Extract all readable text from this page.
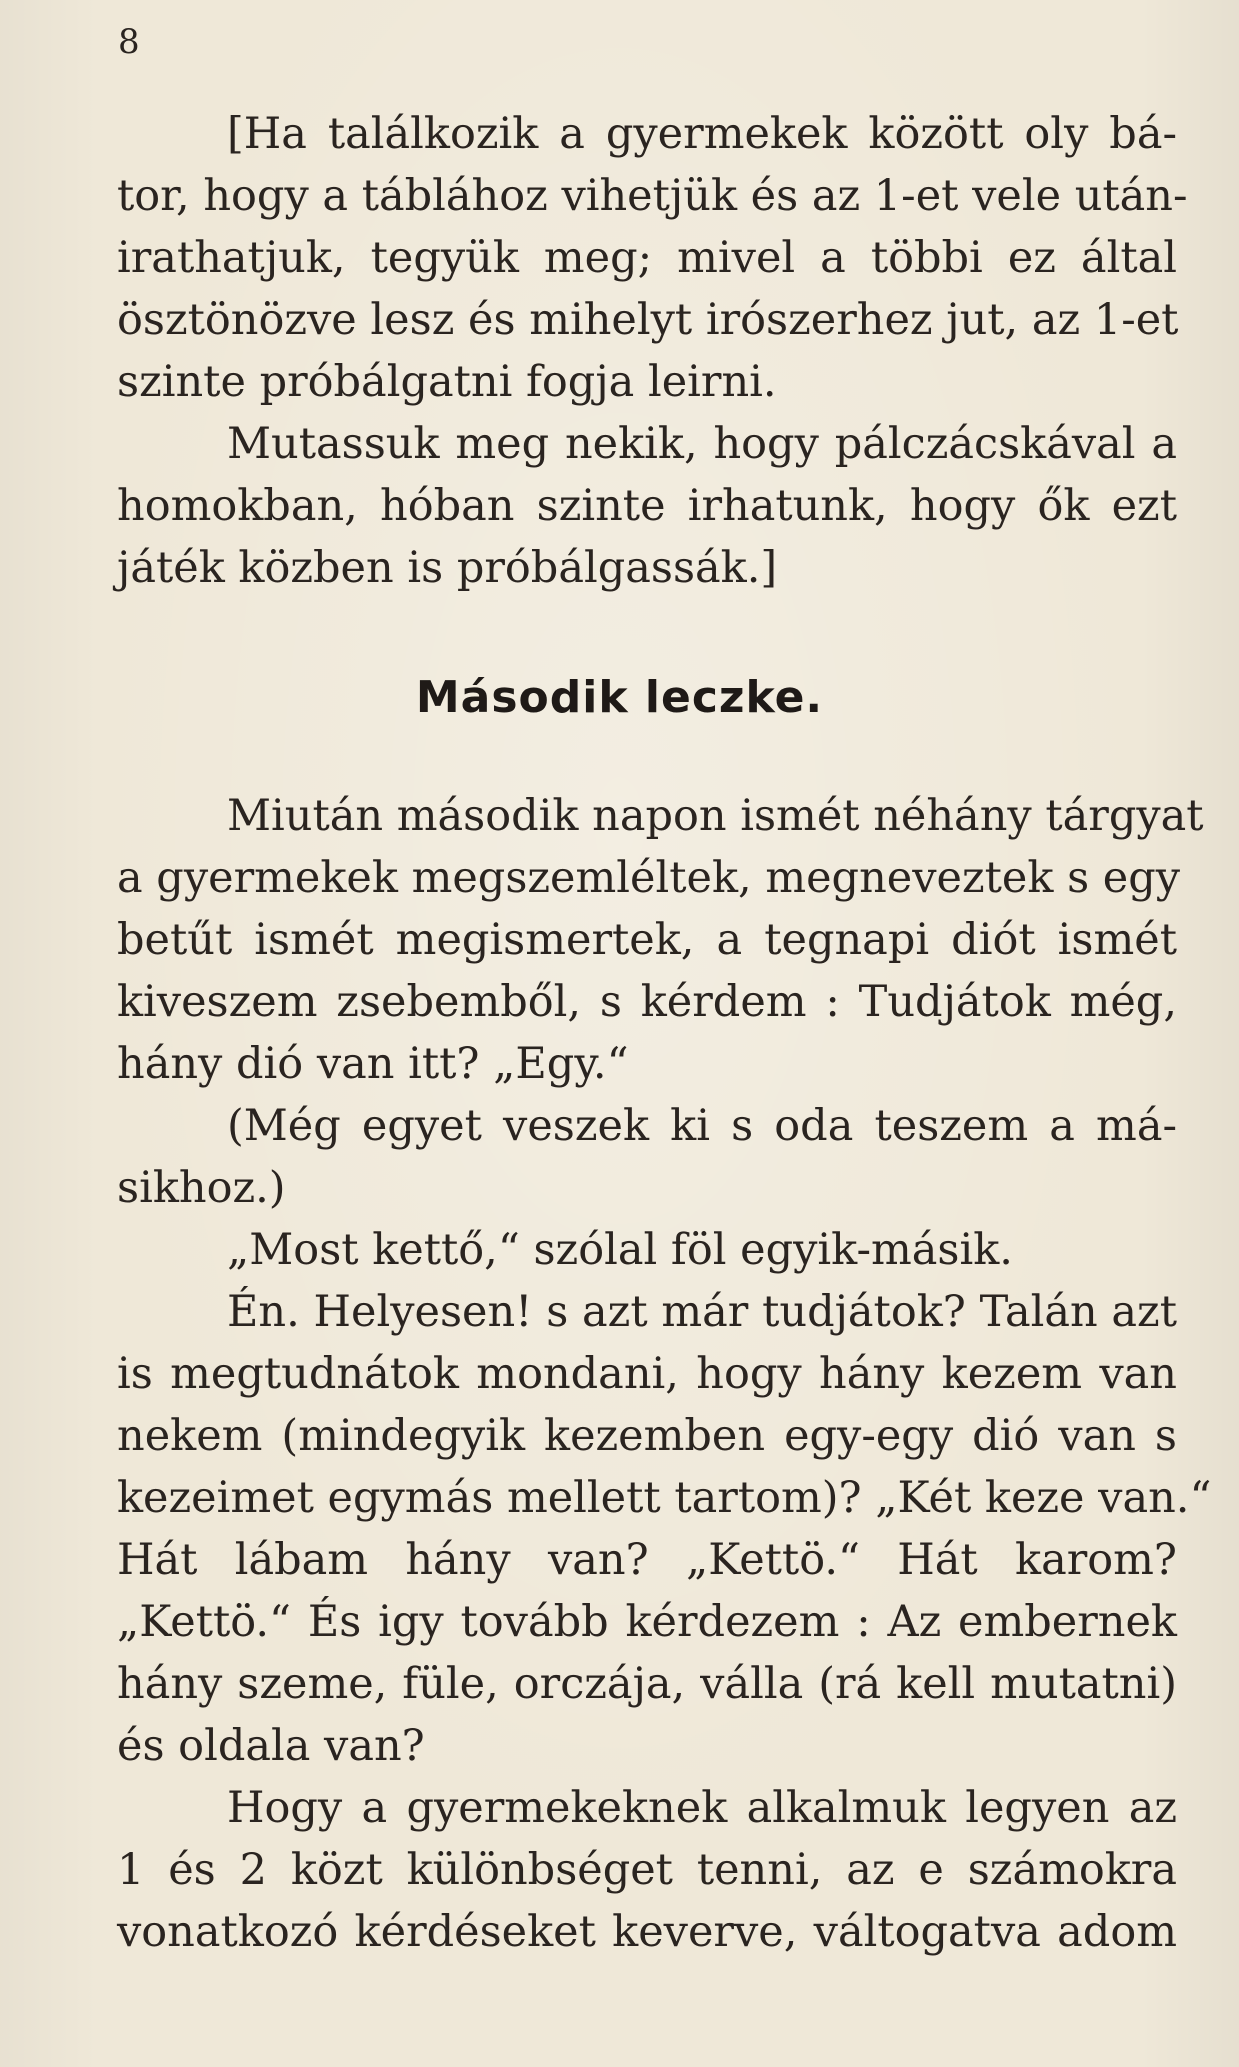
8
[Ha találkozik a gyermekek között oly bá-
tor, hogy a táblához vihetjük és az 1-et vele után-
irathatjuk, tegyük meg; mivel a többi ez által
ösztönözve lesz és mihelyt irószerhez jut, az 1-et
szinte próbálgatni fogja leirni.
Mutassuk meg nekik, hogy pálczácskával a
homokban, hóban szinte irhatunk, hogy ők ezt
játék közben is próbálgassák.]
Második leczke.
Miután második napon ismét néhány tárgyat
a gyermekek megszemléltek, megneveztek s egy
betűt ismét megismertek, a tegnapi diót ismét
kiveszem zsebemből, s kérdem : Tudjátok még,
hány dió van itt? „Egy.“
(Még egyet veszek ki s oda teszem a má-
sikhoz.)
„Most kettő,“ szólal föl egyik-másik.
Én. Helyesen! s azt már tudjátok? Talán azt
is megtudnátok mondani, hogy hány kezem van
nekem (mindegyik kezemben egy-egy dió van s
kezeimet egymás mellett tartom)? „Két keze van.“
Hát lábam hány van? „Kettö.“ Hát karom?
„Kettö.“ És igy tovább kérdezem : Az embernek
hány szeme, füle, orczája, válla (rá kell mutatni)
és oldala van?
Hogy a gyermekeknek alkalmuk legyen az
1 és 2 közt különbséget tenni, az e számokra
vonatkozó kérdéseket keverve, váltogatva adom
